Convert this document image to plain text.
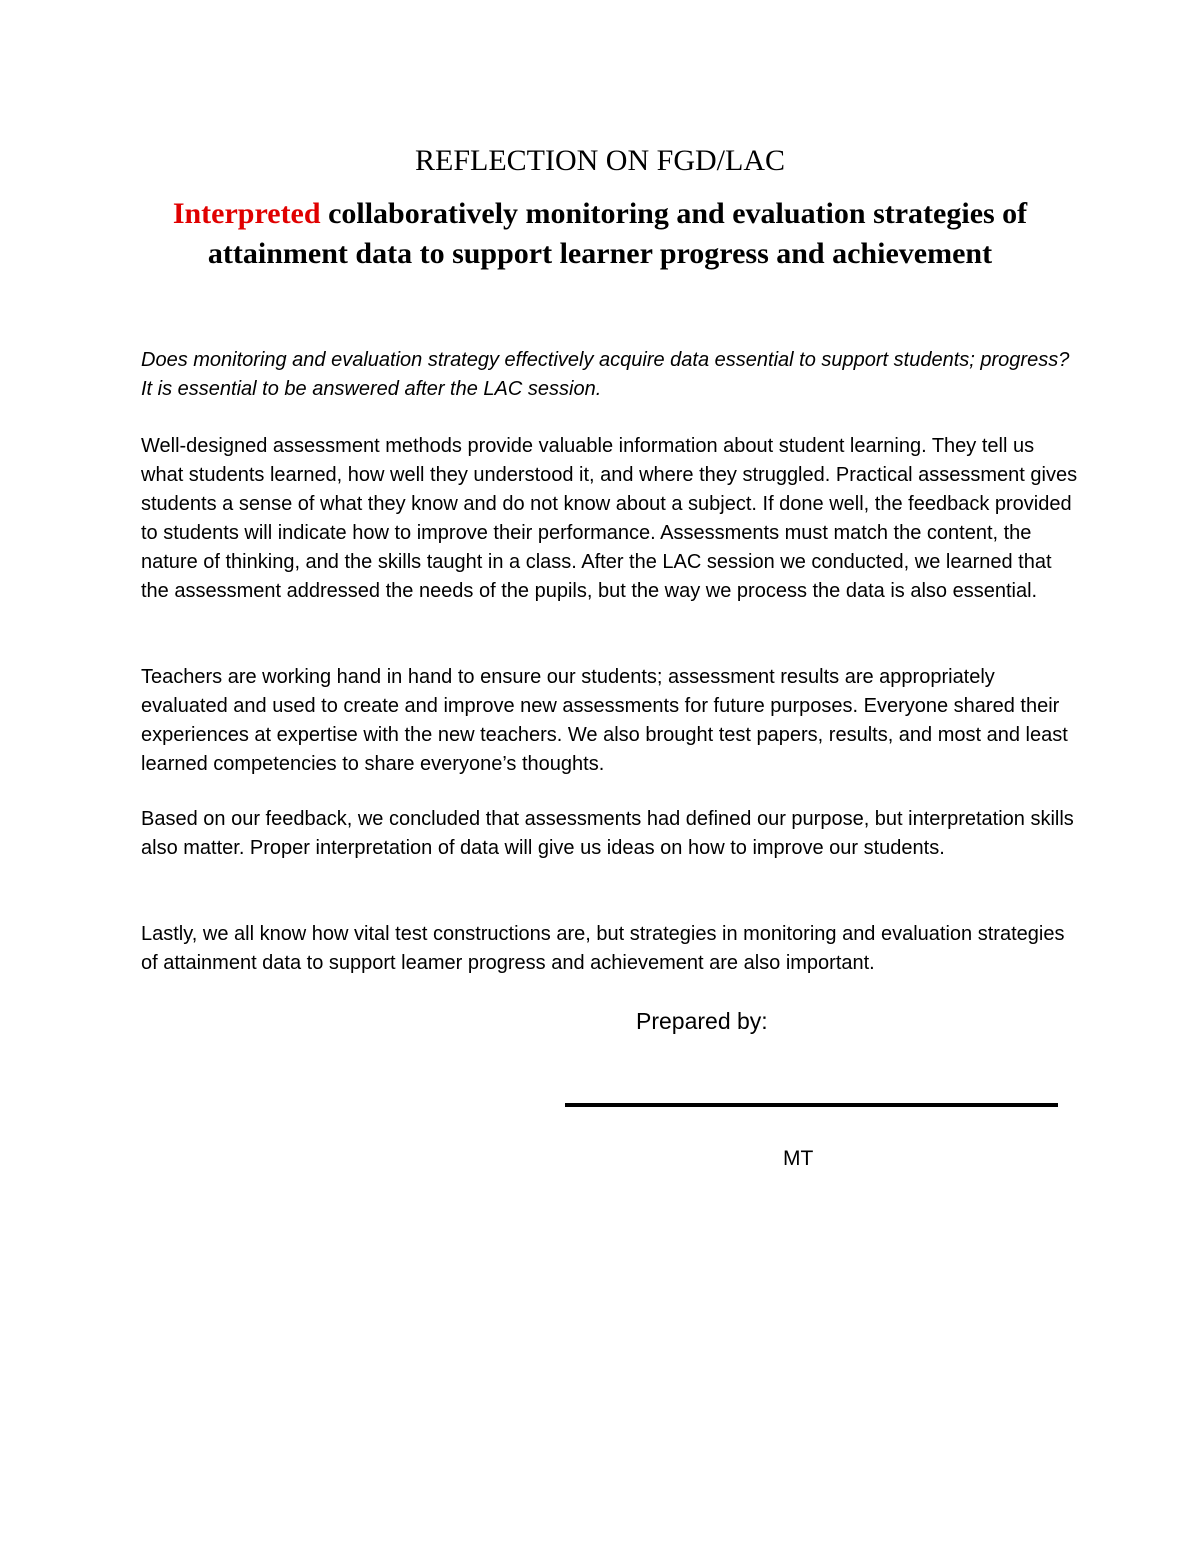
REFLECTION ON FGD/LAC
Interpreted collaboratively monitoring and evaluation strategies of attainment data to support learner progress and achievement

Does monitoring and evaluation strategy effectively acquire data essential to support students; progress? It is essential to be answered after the LAC session.

Well-designed assessment methods provide valuable information about student learning. They tell us what students learned, how well they understood it, and where they struggled. Practical assessment gives students a sense of what they know and do not know about a subject. If done well, the feedback provided to students will indicate how to improve their performance. Assessments must match the content, the nature of thinking, and the skills taught in a class. After the LAC session we conducted, we learned that the assessment addressed the needs of the pupils, but the way we process the data is also essential.

Teachers are working hand in hand to ensure our students; assessment results are appropriately evaluated and used to create and improve new assessments for future purposes. Everyone shared their experiences at expertise with the new teachers. We also brought test papers, results, and most and least learned competencies to share everyone’s thoughts.

Based on our feedback, we concluded that assessments had defined our purpose, but interpretation skills also matter. Proper interpretation of data will give us ideas on how to improve our students.

Lastly, we all know how vital test constructions are, but strategies in monitoring and evaluation strategies of attainment data to support leamer progress and achievement are also important.

Prepared by:

MT
